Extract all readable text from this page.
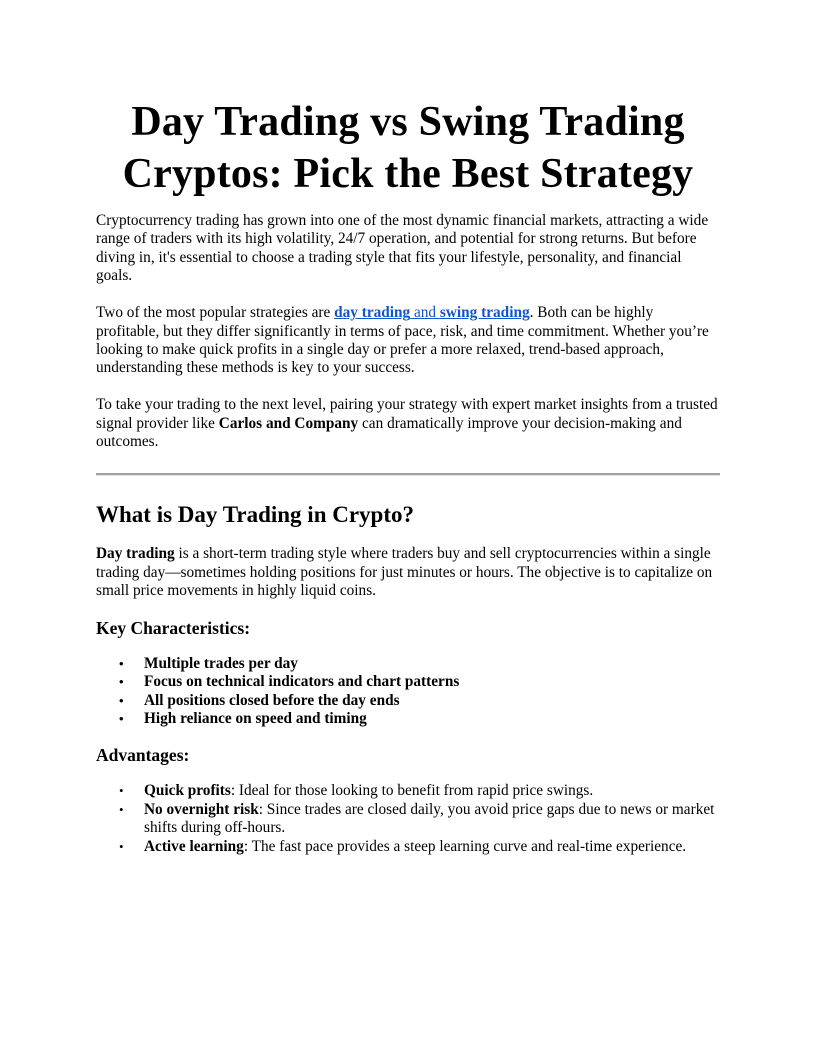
Day Trading vs Swing Trading
Cryptos: Pick the Best Strategy

Cryptocurrency trading has grown into one of the most dynamic financial markets, attracting a wide range of traders with its high volatility, 24/7 operation, and potential for strong returns. But before diving in, it's essential to choose a trading style that fits your lifestyle, personality, and financial goals.

Two of the most popular strategies are day trading and swing trading. Both can be highly profitable, but they differ significantly in terms of pace, risk, and time commitment. Whether you’re looking to make quick profits in a single day or prefer a more relaxed, trend-based approach, understanding these methods is key to your success.

To take your trading to the next level, pairing your strategy with expert market insights from a trusted signal provider like Carlos and Company can dramatically improve your decision-making and outcomes.

What is Day Trading in Crypto?

Day trading is a short-term trading style where traders buy and sell cryptocurrencies within a single trading day—sometimes holding positions for just minutes or hours. The objective is to capitalize on small price movements in highly liquid coins.

Key Characteristics:
• Multiple trades per day
• Focus on technical indicators and chart patterns
• All positions closed before the day ends
• High reliance on speed and timing
Advantages:
• Quick profits: Ideal for those looking to benefit from rapid price swings.
• No overnight risk: Since trades are closed daily, you avoid price gaps due to news or market shifts during off-hours.
• Active learning: The fast pace provides a steep learning curve and real-time experience.
